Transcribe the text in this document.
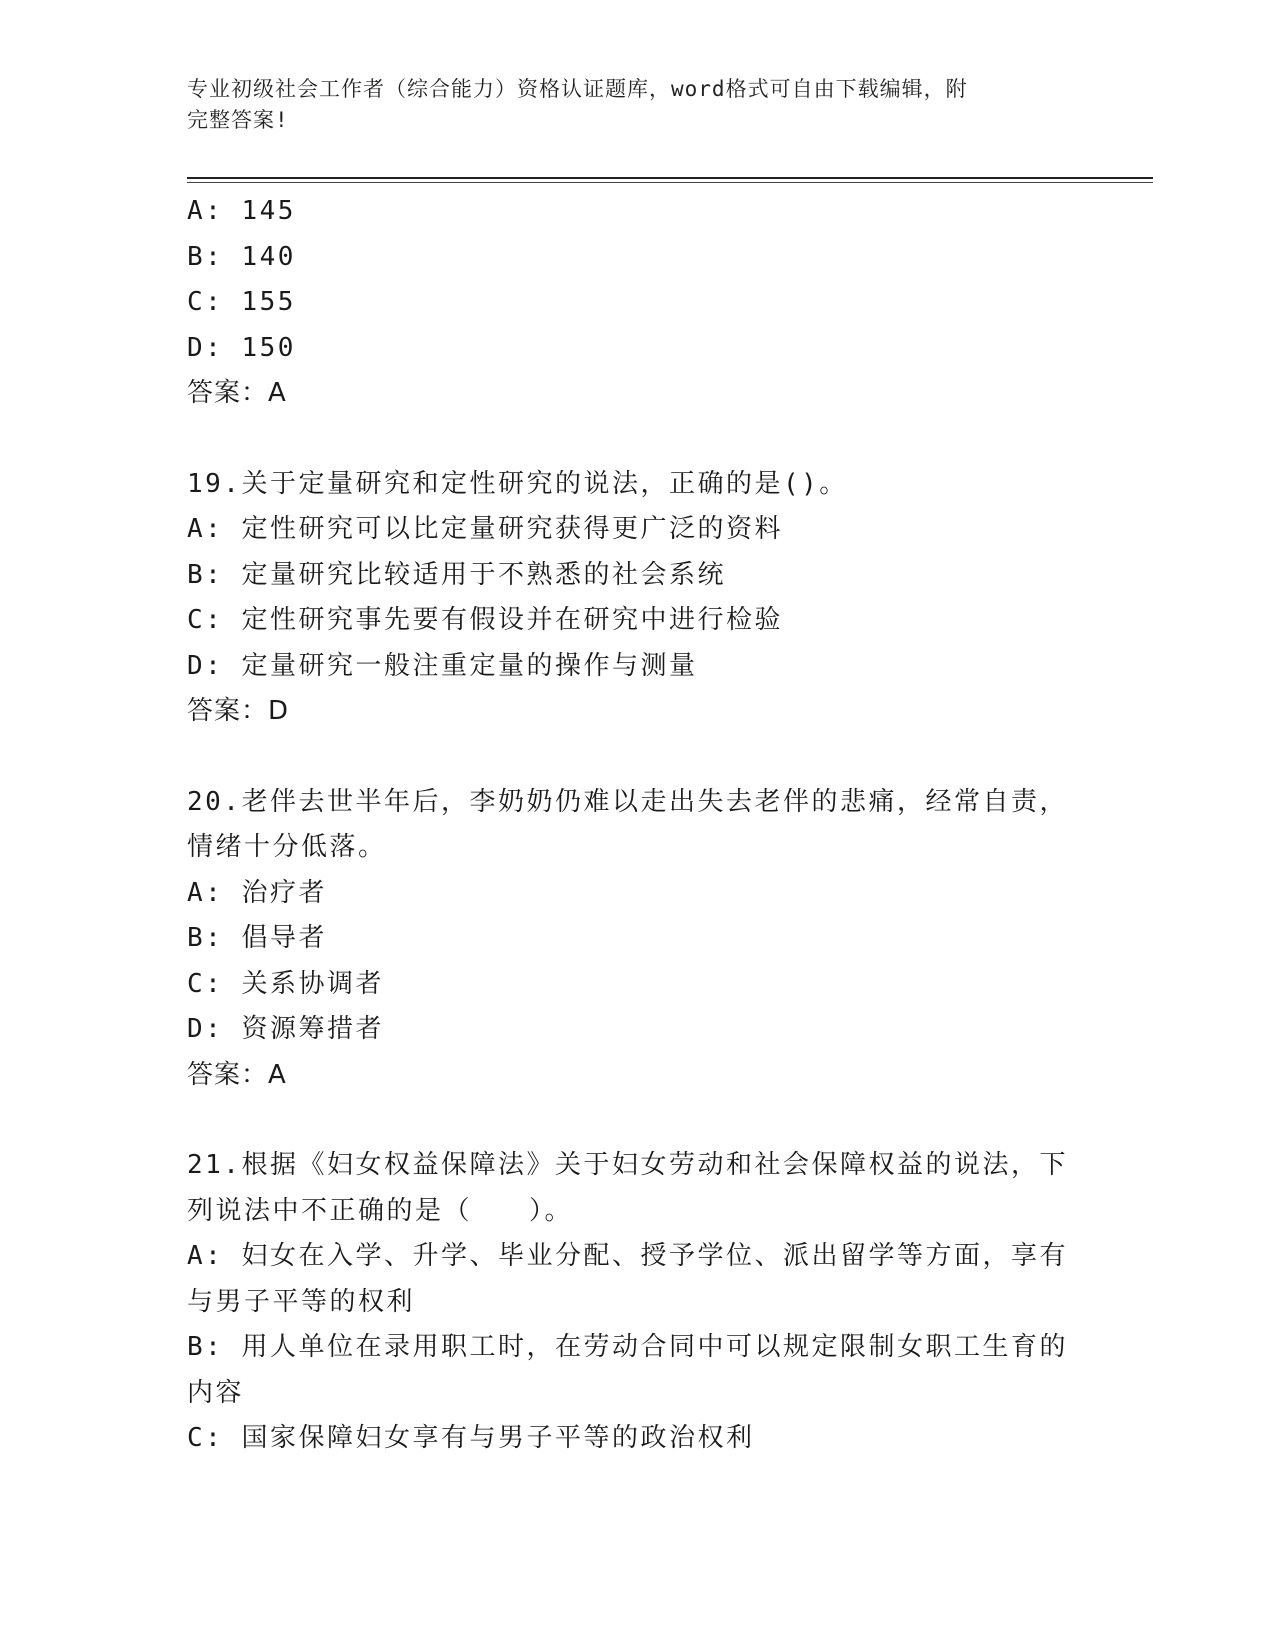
专业初级社会工作者（综合能力）资格认证题库，word格式可自由下载编辑，附
完整答案!

A: 145

B: 140

C: 155

D: 150

答案：A

19.关于定量研究和定性研究的说法，正确的是()。

A: 定性研究可以比定量研究获得更广泛的资料

B: 定量研究比较适用于不熟悉的社会系统

C: 定性研究事先要有假设并在研究中进行检验

D: 定量研究一般注重定量的操作与测量

答案：D

20.老伴去世半年后，李奶奶仍难以走出失去老伴的悲痛，经常自责，

情绪十分低落。

A: 治疗者

B: 倡导者

C: 关系协调者

D: 资源筹措者

答案：A

21.根据《妇女权益保障法》关于妇女劳动和社会保障权益的说法，下

列说法中不正确的是（　　）。

A: 妇女在入学、升学、毕业分配、授予学位、派出留学等方面，享有

与男子平等的权利

B: 用人单位在录用职工时，在劳动合同中可以规定限制女职工生育的

内容

C: 国家保障妇女享有与男子平等的政治权利
